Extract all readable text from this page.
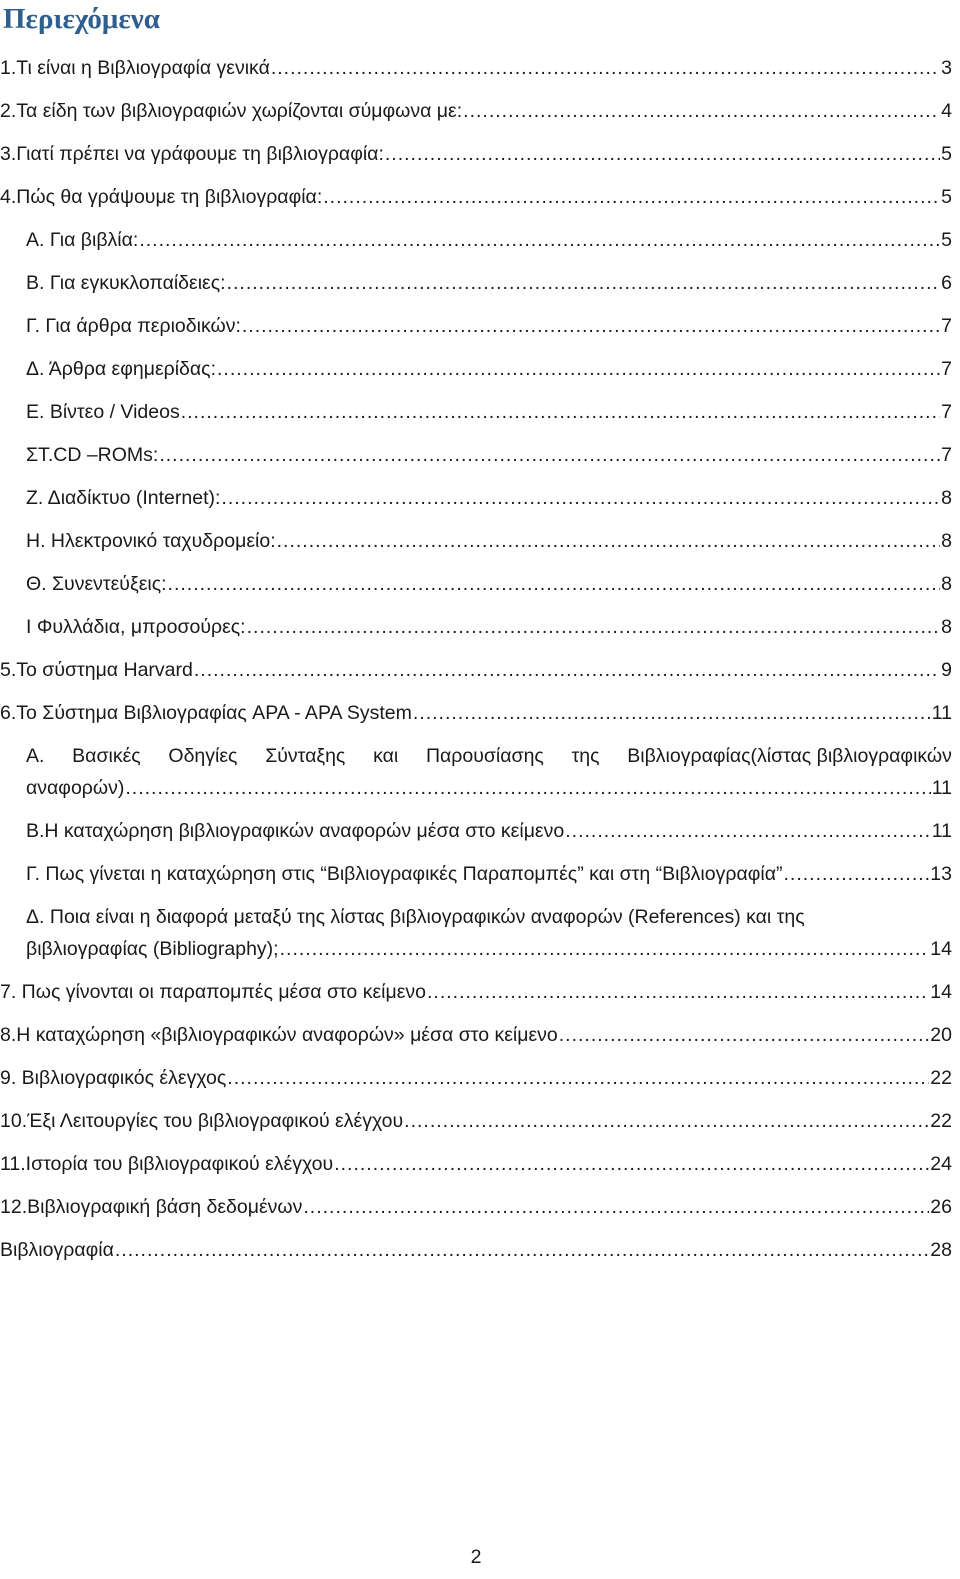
Περιεχόμενα
1.Τι είναι η Βιβλιογραφία γενικά .....	3
2.Τα είδη των βιβλιογραφιών χωρίζονται σύμφωνα με: .....	4
3.Γιατί πρέπει να γράφουμε τη βιβλιογραφία: .....	5
4.Πώς θα γράψουμε τη βιβλιογραφία: .....	5
Α. Για βιβλία: .....	5
Β. Για εγκυκλοπαίδειες: .....	6
Γ. Για άρθρα περιοδικών: .....	7
Δ. Άρθρα εφημερίδας: .....	7
Ε. Βίντεο / Videos .....	7
ΣΤ.CD –ROMs: .....	7
Ζ. Διαδίκτυο (Internet): .....	8
Η. Ηλεκτρονικό ταχυδρομείο: .....	8
Θ. Συνεντεύξεις: .....	8
Ι Φυλλάδια, μπροσούρες: .....	8
5.Το σύστημα Harvard .....	9
6.Το Σύστημα Βιβλιογραφίας APA - APA System .....	11
Α. Βασικές Οδηγίες Σύνταξης και Παρουσίασης της Βιβλιογραφίας(λίστας βιβλιογραφικών
αναφορών) .....	11
Β.Η καταχώρηση βιβλιογραφικών αναφορών μέσα στο κείμενο .....	11
Γ. Πως γίνεται η καταχώρηση στις “Βιβλιογραφικές Παραπομπές” και στη “Βιβλιογραφία” .....	13
Δ. Ποια είναι η διαφορά μεταξύ της λίστας βιβλιογραφικών αναφορών (References) και της
βιβλιογραφίας (Bibliography); .....	14
7. Πως γίνονται οι παραπομπές μέσα στο κείμενο .....	14
8.Η καταχώρηση «βιβλιογραφικών αναφορών» μέσα στο κείμενο .....	20
9. Βιβλιογραφικός έλεγχος .....	22
10.Έξι Λειτουργίες του βιβλιογραφικού ελέγχου .....	22
11.Ιστορία του βιβλιογραφικού ελέγχου .....	24
12.Βιβλιογραφική βάση δεδομένων .....	26
Βιβλιογραφία .....	28
2
